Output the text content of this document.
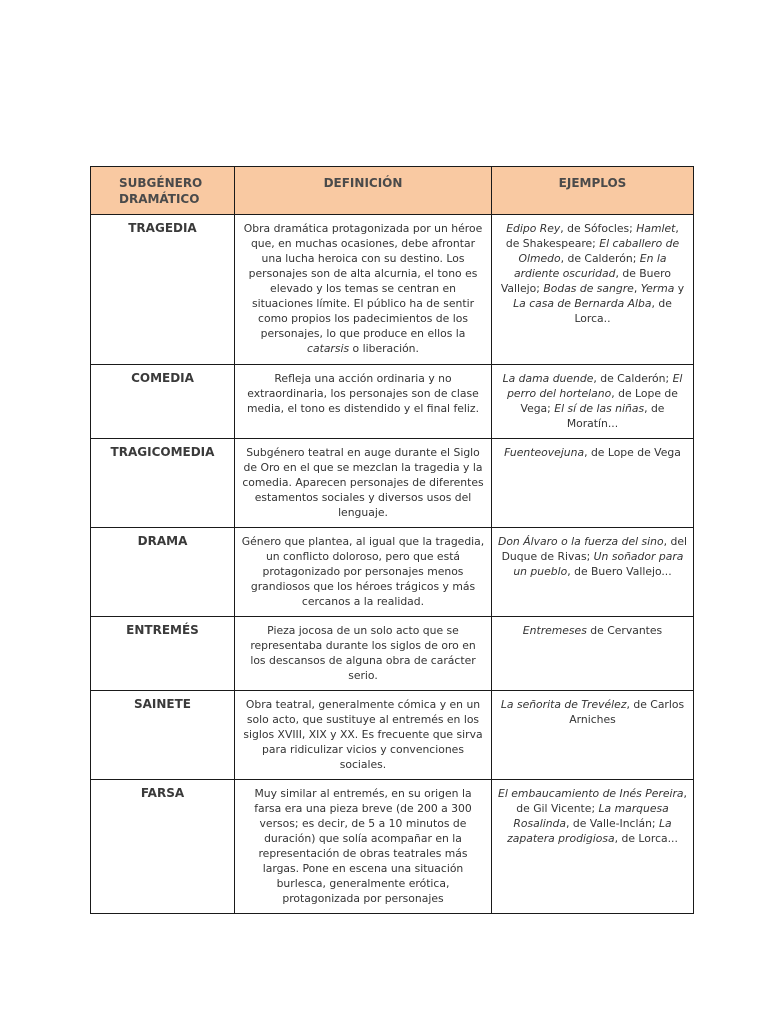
SUBGÉNERO
DRAMÁTICO	DEFINICIÓN	EJEMPLOS
TRAGEDIA	Obra dramática protagonizada por un héroe que, en muchas ocasiones, debe afrontar una lucha heroica con su destino. Los personajes son de alta alcurnia, el tono es elevado y los temas se centran en situaciones límite. El público ha de sentir como propios los padecimientos de los personajes, lo que produce en ellos la catarsis o liberación.	Edipo Rey, de Sófocles; Hamlet, de Shakespeare; El caballero de Olmedo, de Calderón; En la ardiente oscuridad, de Buero Vallejo; Bodas de sangre, Yerma y La casa de Bernarda Alba, de Lorca..
COMEDIA	Refleja una acción ordinaria y no extraordinaria, los personajes son de clase media, el tono es distendido y el final feliz.	La dama duende, de Calderón; El perro del hortelano, de Lope de Vega; El sí de las niñas, de Moratín...
TRAGICOMEDIA	Subgénero teatral en auge durante el Siglo de Oro en el que se mezclan la tragedia y la comedia. Aparecen personajes de diferentes estamentos sociales y diversos usos del lenguaje.	Fuenteovejuna, de Lope de Vega
DRAMA	Género que plantea, al igual que la tragedia, un conflicto doloroso, pero que está protagonizado por personajes menos grandiosos que los héroes trágicos y más cercanos a la realidad.	Don Álvaro o la fuerza del sino, del Duque de Rivas; Un soñador para un pueblo, de Buero Vallejo...
ENTREMÉS	Pieza jocosa de un solo acto que se representaba durante los siglos de oro en los descansos de alguna obra de carácter serio.	Entremeses de Cervantes
SAINETE	Obra teatral, generalmente cómica y en un solo acto, que sustituye al entremés en los siglos XVIII, XIX y XX. Es frecuente que sirva para ridiculizar vicios y convenciones sociales.	La señorita de Trevélez, de Carlos Arniches
FARSA	Muy similar al entremés, en su origen la farsa era una pieza breve (de 200 a 300 versos; es decir, de 5 a 10 minutos de duración) que solía acompañar en la representación de obras teatrales más largas. Pone en escena una situación burlesca, generalmente erótica, protagonizada por personajes	El embaucamiento de Inés Pereira, de Gil Vicente; La marquesa Rosalinda, de Valle-Inclán; La zapatera prodigiosa, de Lorca...
